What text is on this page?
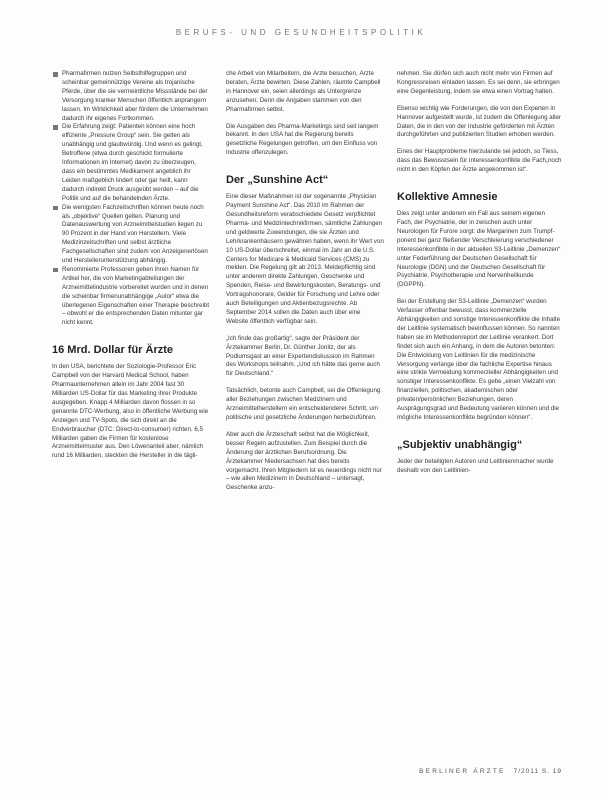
BERUFS- UND GESUNDHEITSPOLITIK
Pharmafirmen nutzen Selbsthilfegruppen und scheinbar gemeinnützige Vereine als trojanische Pferde, über die sie vermeintliche Missstände bei der Versorgung kranker Menschen öffentlich anprangern lassen. Im Wirklichkeit aber fördern die Unternehmen dadurch ihr eigenes Fortkommen.
Die Erfahrung zeigt: Patienten können eine hoch effiziente „Pressure Group“ sein. Sie gelten als unabhängig und glaubwürdig. Und wenn es gelingt, Betroffene (etwa durch geschickt formulierte Informationen im Internet) davon zu überzeugen, dass ein bestimmtes Medikament angeblich ihr Leiden maßgeblich lindert oder gar heilt, kann dadurch indirekt Druck ausgeübt werden – auf die Politik und auf die behandelnden Ärzte.
Die wenigsten Fachzeitschriften können heute noch als „objektive“ Quellen gelten. Planung und Datenauswertung von Arzneimittelstudien liegen zu 90 Prozent in der Hand von Herstellern. Viele Medizinzeitschriften und selbst ärztliche Fachgesellschaften sind zudem von Anzeigenerlösen und Herstellerunterstützung abhängig.
Renommierte Professoren geben ihren Namen für Artikel her, die von Marketingabteilungen der Arzneimittelindustrie vorbereitet wurden und in denen die scheinbar firmenunabhängige „Autor“ etwa die überlegenen Eigenschaften einer Therapie beschreibt – obwohl er die entsprechenden Daten mitunter gar nicht kennt.
16 Mrd. Dollar für Ärzte

In den USA, berichtete der Soziologie-Professor Eric Campbell von der Harvard Medical School, haben Pharmaunternehmen allein im Jahr 2004 fast 30 Milliarden US-Dollar für das Marketing ihrer Produkte ausgegeben. Knapp 4 Milliarden davon flossen in so genannte DTC-Werbung, also in öffentliche Werbung wie Anzeigen und TV-Spots, die sich direkt an die Endverbraucher (DTC: Direct-to-consumer) richten. 6,5 Milliarden gaben die Firmen für kostenlose Arzneimittelmuster aus. Den Löwenanteil aber, nämlich rund 16 Milliarden, steckten die Hersteller in die tägli-

che Arbeit von Mitarbeitern, die Ärzte besuchen, Ärzte beraten, Ärzte bewirten. Diese Zahlen, räumte Campbell in Hannover ein, seien allerdings als Untergrenze anzusehen. Denn die Angaben stammen von den Pharmafirmen selbst.

Die Ausgaben des Pharma-Marketings sind seit langem bekannt. In den USA hat die Regierung bereits gesetzliche Regelungen getroffen, um den Einfluss von Industrie offenzulegen.

Der „Sunshine Act“

Eine dieser Maßnahmen ist der sogenannte „Physician Payment Sunshine Act“. Das 2010 im Rahmen der Gesundheitsreform verabschiedete Gesetz verpflichtet Pharma- und Medizintechnikfirmen, sämtliche Zahlungen und geldwerte Zuwendungen, die sie Ärzten und Lehrkrankenhäusern gewähren haben, wenn ihr Wert von 10 US-Dollar überschreitet, einmal im Jahr an die U.S. Centers for Medicare & Medicaid Services (CMS) zu melden. Die Regelung gilt ab 2013. Meldepflichtig sind unter anderem direkte Zahlungen, Geschenke und Spenden, Reise- und Bewirtungskosten, Beratungs- und Vortragshonorare, Gelder für Forschung und Lehre oder auch Beteiligungen und Aktienbezugsrechte. Ab September 2014 sollen die Daten auch über eine Website öffentlich verfügbar sein.

„Ich finde das großartig“, sagte der Präsident der Ärztekammer Berlin, Dr. Günther Jonitz, der als Podiumsgast an einer Expertendiskussion im Rahmen des Workshops teilnahm. „Und ich hätte das gerne auch für Deutschland.“

Tatsächlich, betonte auch Campbell, sei die Offenlegung aller Beziehungen zwischen Medizinern und Arzneimittelherstellern ein entscheidenderer Schritt, um politische und gesetzliche Änderungen herbeizuführen.

Aber auch die Ärzteschaft selbst hat die Möglichkeit, besser Regeln aufzustellen. Zum Beispiel durch die Änderung der ärztlichen Berufsordnung. Die Ärztekammer Niedersachsen hat dies bereits vorgemacht. Ihren Mitgliedern ist es neuerdings nicht nur – wie allen Medizinern in Deutschland – untersagt, Geschenke anzu-

nehmen. Sie dürfen sich auch nicht mehr von Firmen auf Kongressreisen einladen lassen. Es sei denn, sie erbringen eine Gegenleistung, indem sie etwa einen Vortrag halten.

Ebenso wichtig wie Forderungen, die von den Experten in Hannover aufgestellt wurde, ist zudem die Offenlegung aller Daten, die in den von der Industrie geförderten mit Ärzten durchgeführten und publizierten Studien erhoben werden.

Eines der Hauptprobleme hierzulande sei jedoch, so Tiess, dass das Bewusstsein für Interessenkonflikte die Fach„noch nicht in den Köpfen der Ärzte angekommen ist“.

Kollektive Amnesie

Dies zeigt unter anderem ein Fall aus seinem eigenen Fach, der Psychiatrie, der in zwischen auch unter Neurologen für Furore sorgt: die Margarinen zum Trumpf- ponent bei ganz fließender Verschleierung verschiedener Interessenkonflikte in der aktuellen S3-Leitlinie „Demenzen“ unter Federführung der Deutschen Gesellschaft für Neurologie (DGN) und der Deutschen Gesellschaft für Psychiatrie, Psychotherapie und Nervenheilkunde (DGPPN).

Bei der Erstellung der S3-Leitlinie „Demenzen“ wurden Verfasser offenbar bewusst, dass kommerzielle Abhängigkeiten und sonstige Interessenkonflikte die Inhalte der Leitlinie systematisch beeinflussen können. So nannten haben sie im Methodenreport der Leitlinie verankert. Dort findet sich auch ein Anhang, in dem die Autoren betonten: Die Entwicklung von Leitlinien für die medizinische Versorgung verlange über die fachliche Expertise hinaus eine strikte Vermeidung kommerzieller Abhängigkeiten und sonstiger Interessenkonflikte. Es gebe „einen Vielzahl von finanziellen, politischen, akademischen oder privaten/persönlichen Beziehungen, deren Ausprägungsgrad und Bedeutung variieren können und die mögliche Interessenkonflikte begründen können“.

„Subjektiv unabhängig“

Jeder der beteiligten Autoren und Leitlinienmacher wurde deshalb von den Leitlinien-

BERLINER ÄRZTE 7/2011 S. 19
